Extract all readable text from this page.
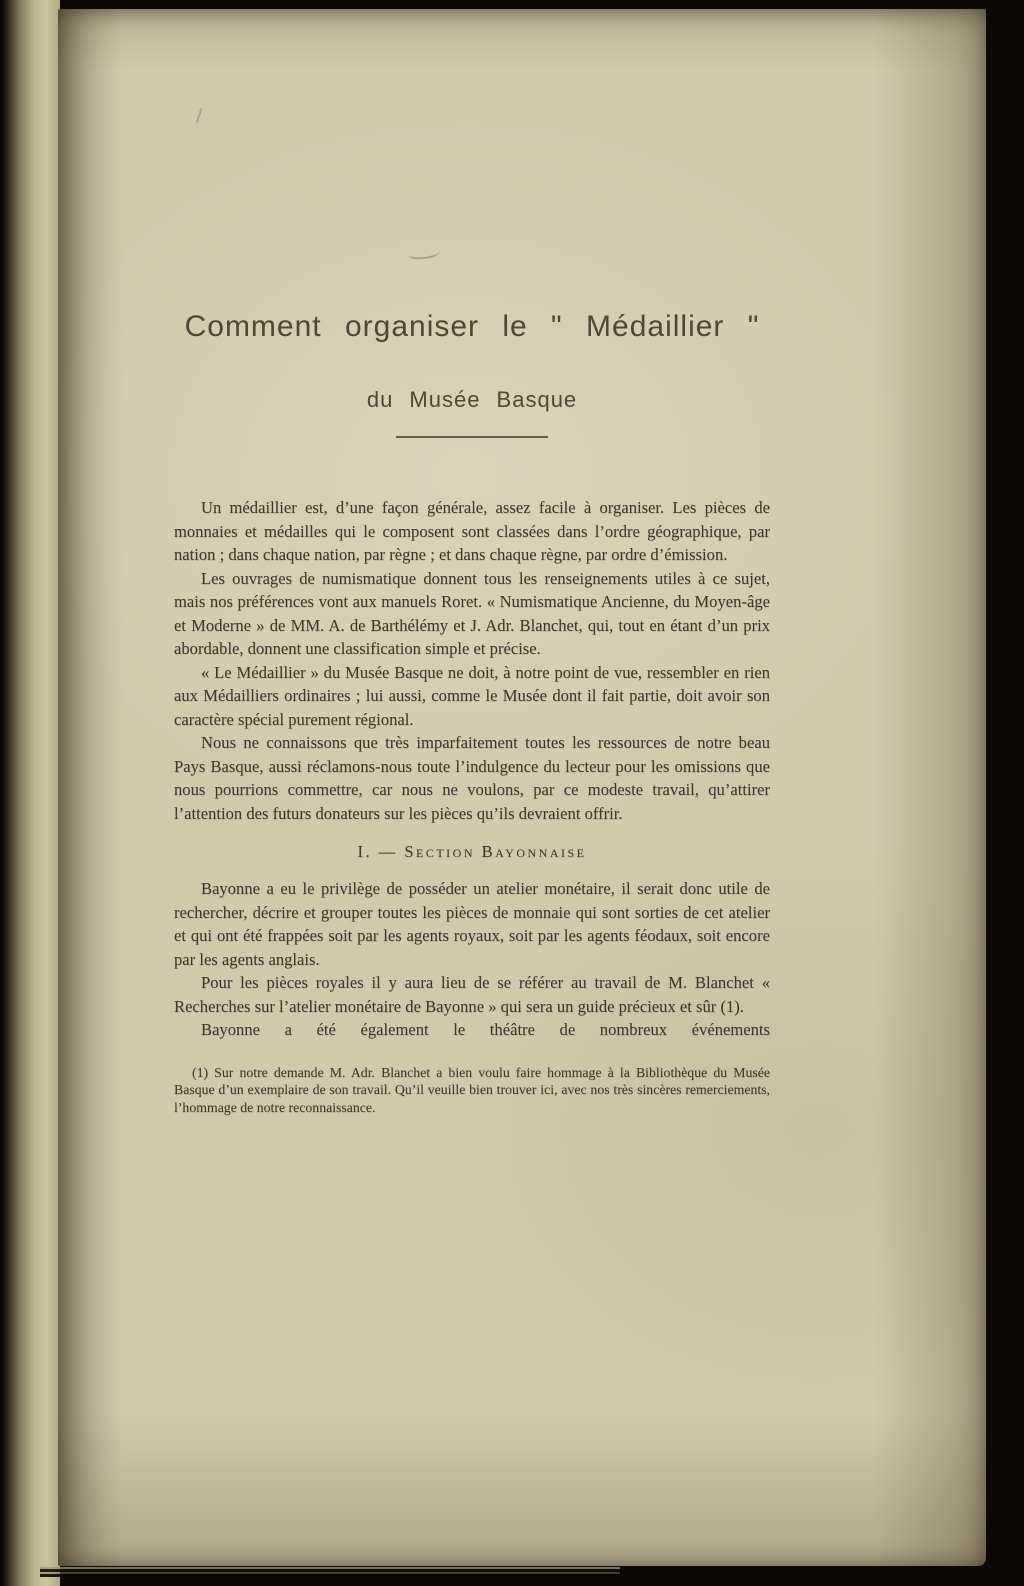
Comment organiser le " Médaillier "
du Musée Basque

Un médaillier est, d’une façon générale, assez facile à organiser. Les pièces de monnaies et médailles qui le composent sont classées dans l’ordre géographique, par nation ; dans chaque nation, par règne ; et dans chaque règne, par ordre d’émission.

Les ouvrages de numismatique donnent tous les renseignements utiles à ce sujet, mais nos préférences vont aux manuels Roret. « Numismatique Ancienne, du Moyen-âge et Moderne » de MM. A. de Barthélémy et J. Adr. Blanchet, qui, tout en étant d’un prix abordable, donnent une classification simple et précise.

« Le Médaillier » du Musée Basque ne doit, à notre point de vue, ressembler en rien aux Médailliers ordinaires ; lui aussi, comme le Musée dont il fait partie, doit avoir son caractère spécial purement régional.

Nous ne connaissons que très imparfaitement toutes les ressources de notre beau Pays Basque, aussi réclamons-nous toute l’indulgence du lecteur pour les omissions que nous pourrions commettre, car nous ne voulons, par ce modeste travail, qu’attirer l’attention des futurs donateurs sur les pièces qu’ils devraient offrir.

I. — Section Bayonnaise

Bayonne a eu le privilège de posséder un atelier monétaire, il serait donc utile de rechercher, décrire et grouper toutes les pièces de monnaie qui sont sorties de cet atelier et qui ont été frappées soit par les agents royaux, soit par les agents féodaux, soit encore par les agents anglais.

Pour les pièces royales il y aura lieu de se référer au travail de M. Blanchet « Recherches sur l’atelier monétaire de Bayonne » qui sera un guide précieux et sûr (1).

Bayonne a été également le théâtre de nombreux événements

(1) Sur notre demande M. Adr. Blanchet a bien voulu faire hommage à la Bibliothèque du Musée Basque d’un exemplaire de son travail. Qu’il veuille bien trouver ici, avec nos très sincères remerciements, l’hommage de notre reconnaissance.
